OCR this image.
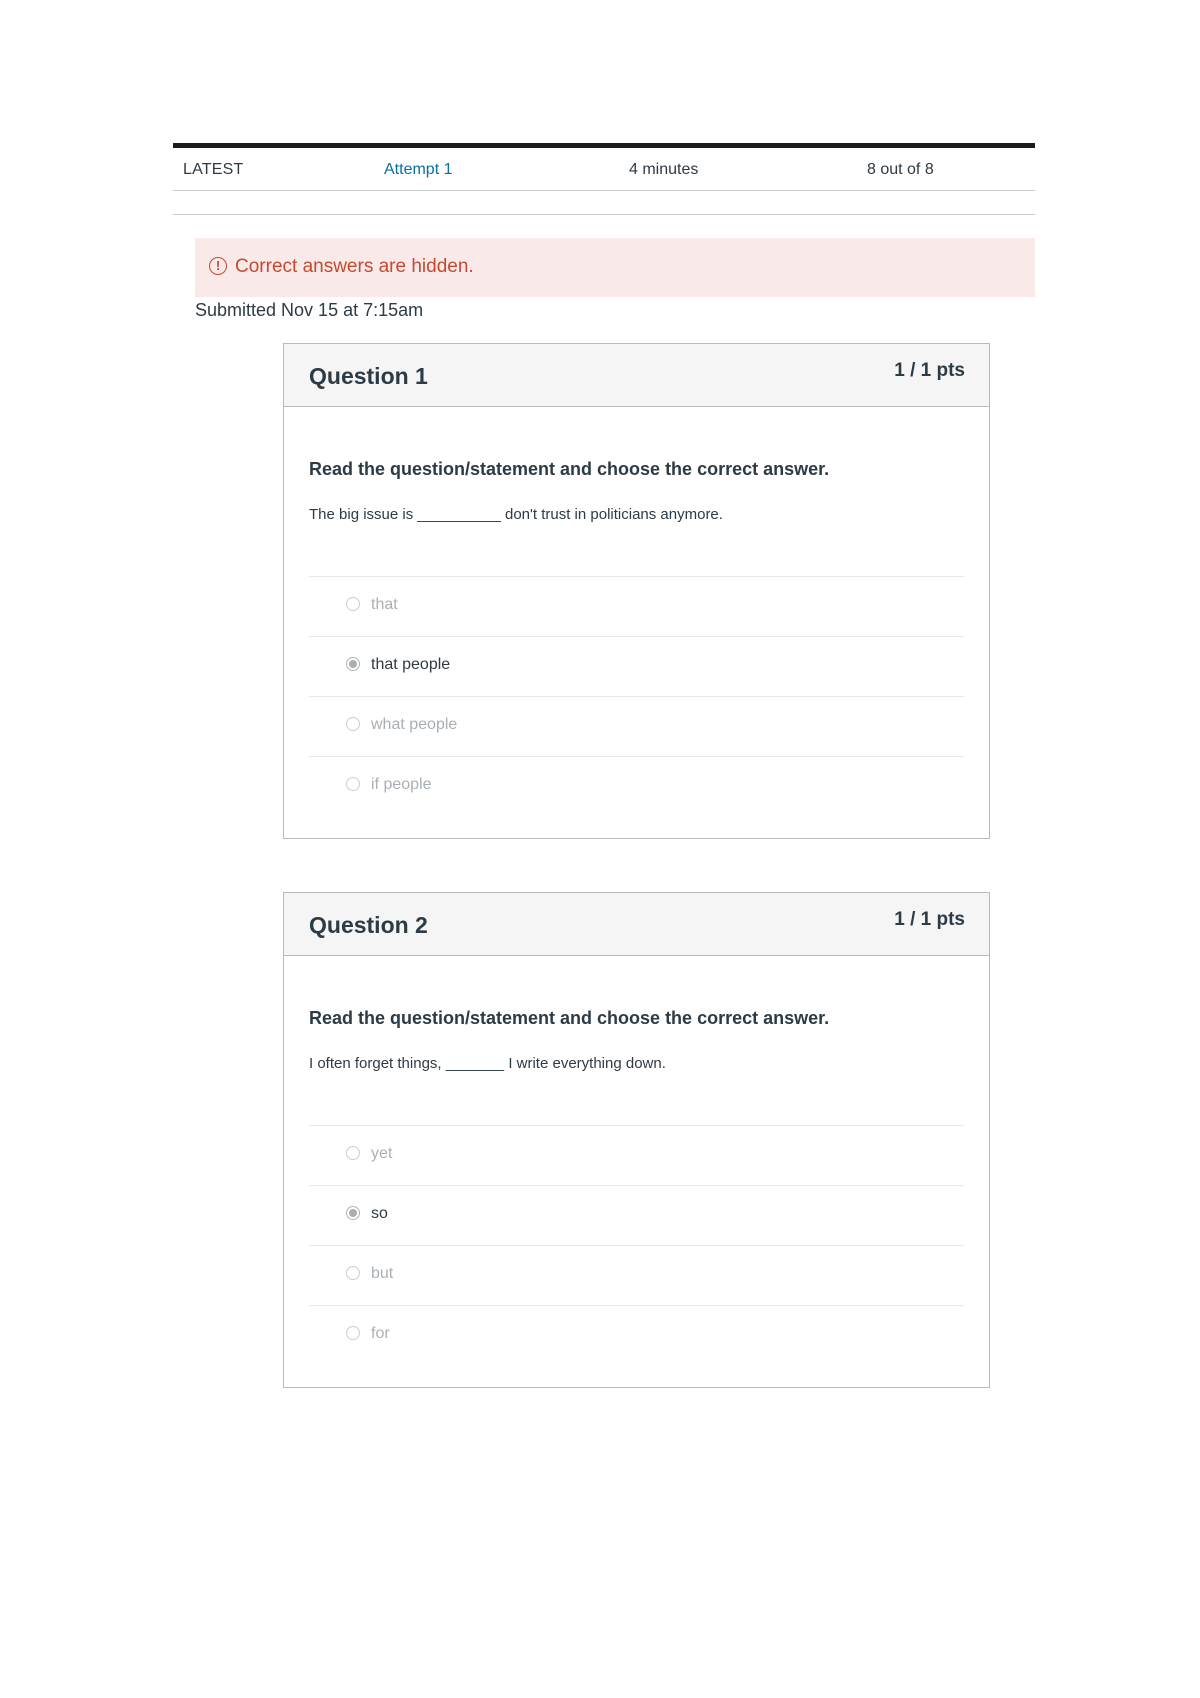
LATEST	Attempt 1	4 minutes	8 out of 8
! Correct answers are hidden.
Submitted Nov 15 at 7:15am
Question 1	1 / 1 pts
Read the question/statement and choose the correct answer.
The big issue is __________ don't trust in politicians anymore.
that
that people
what people
if people
Question 2	1 / 1 pts
Read the question/statement and choose the correct answer.
I often forget things, _______ I write everything down.
yet
so
but
for
